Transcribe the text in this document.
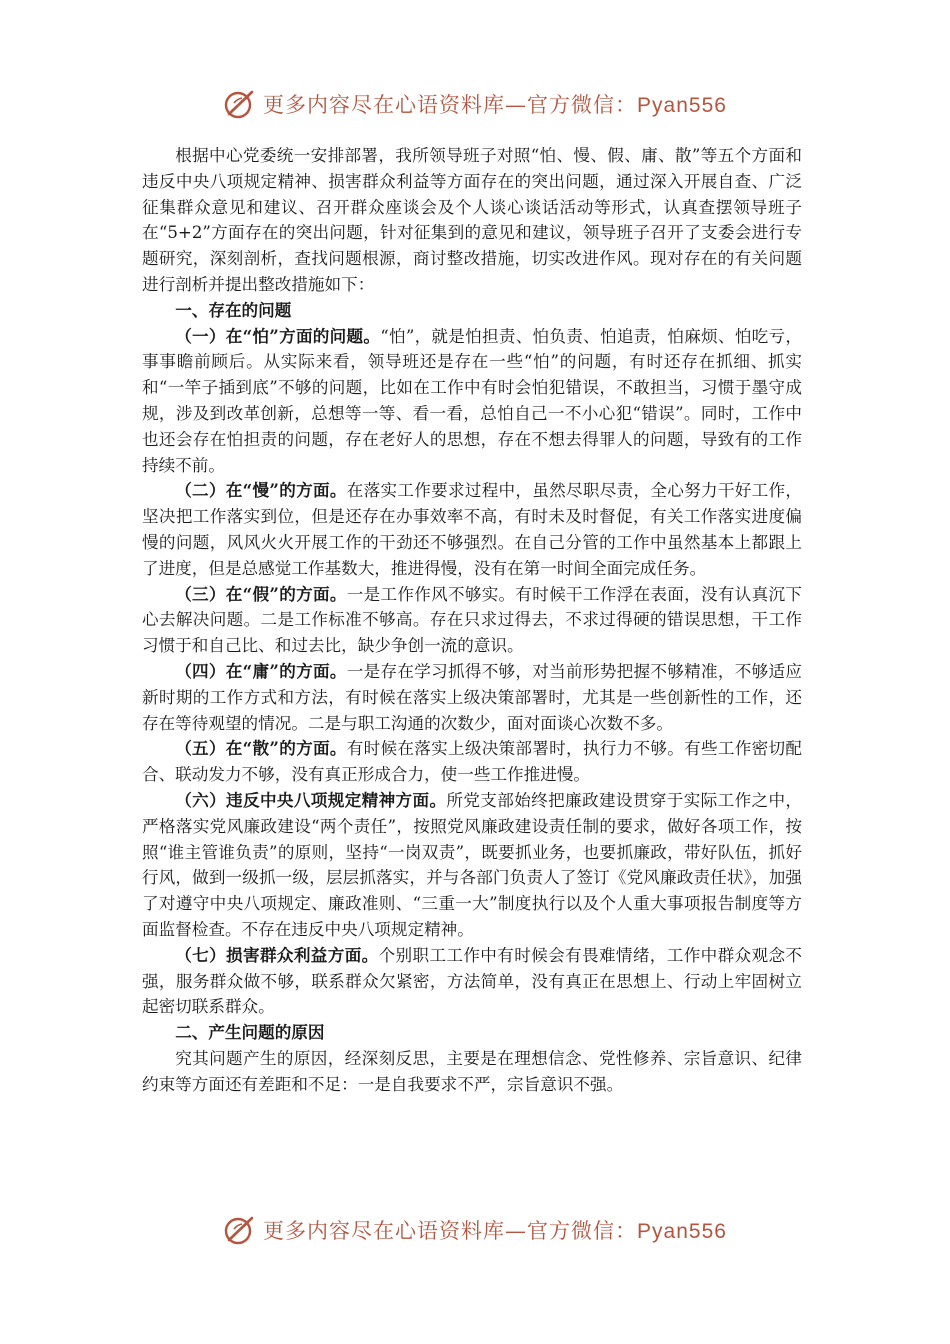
更多内容尽在心语资料库—官方微信：Pyan556

根据中心党委统一安排部署，我所领导班子对照“怕、慢、假、庸、散”等五个方面和违反中央八项规定精神、损害群众利益等方面存在的突出问题，通过深入开展自查、广泛征集群众意见和建议、召开群众座谈会及个人谈心谈话活动等形式，认真查摆领导班子在“5+2”方面存在的突出问题，针对征集到的意见和建议，领导班子召开了支委会进行专题研究，深刻剖析，查找问题根源，商讨整改措施，切实改进作风。现对存在的有关问题进行剖析并提出整改措施如下：

一、存在的问题

（一）在“怕”方面的问题。“怕”，就是怕担责、怕负责、怕追责，怕麻烦、怕吃亏，事事瞻前顾后。从实际来看，领导班还是存在一些“怕”的问题，有时还存在抓细、抓实和“一竿子插到底”不够的问题，比如在工作中有时会怕犯错误，不敢担当，习惯于墨守成规，涉及到改革创新，总想等一等、看一看，总怕自己一不小心犯“错误”。同时，工作中也还会存在怕担责的问题，存在老好人的思想，存在不想去得罪人的问题，导致有的工作持续不前。

（二）在“慢”的方面。在落实工作要求过程中，虽然尽职尽责，全心努力干好工作，坚决把工作落实到位，但是还存在办事效率不高，有时未及时督促，有关工作落实进度偏慢的问题，风风火火开展工作的干劲还不够强烈。在自己分管的工作中虽然基本上都跟上了进度，但是总感觉工作基数大，推进得慢，没有在第一时间全面完成任务。

（三）在“假”的方面。一是工作作风不够实。有时候干工作浮在表面，没有认真沉下心去解决问题。二是工作标准不够高。存在只求过得去，不求过得硬的错误思想，干工作习惯于和自己比、和过去比，缺少争创一流的意识。

（四）在“庸”的方面。一是存在学习抓得不够，对当前形势把握不够精准，不够适应新时期的工作方式和方法，有时候在落实上级决策部署时，尤其是一些创新性的工作，还存在等待观望的情况。二是与职工沟通的次数少，面对面谈心次数不多。

（五）在“散”的方面。有时候在落实上级决策部署时，执行力不够。有些工作密切配合、联动发力不够，没有真正形成合力，使一些工作推进慢。

（六）违反中央八项规定精神方面。所党支部始终把廉政建设贯穿于实际工作之中，严格落实党风廉政建设“两个责任”，按照党风廉政建设责任制的要求，做好各项工作，按照“谁主管谁负责”的原则，坚持“一岗双责”，既要抓业务，也要抓廉政，带好队伍，抓好行风，做到一级抓一级，层层抓落实，并与各部门负责人了签订《党风廉政责任状》，加强了对遵守中央八项规定、廉政准则、“三重一大”制度执行以及个人重大事项报告制度等方面监督检查。不存在违反中央八项规定精神。

（七）损害群众利益方面。个别职工工作中有时候会有畏难情绪，工作中群众观念不强，服务群众做不够，联系群众欠紧密，方法简单，没有真正在思想上、行动上牢固树立起密切联系群众。

二、产生问题的原因

究其问题产生的原因，经深刻反思，主要是在理想信念、党性修养、宗旨意识、纪律约束等方面还有差距和不足：一是自我要求不严，宗旨意识不强。

更多内容尽在心语资料库—官方微信：Pyan556
